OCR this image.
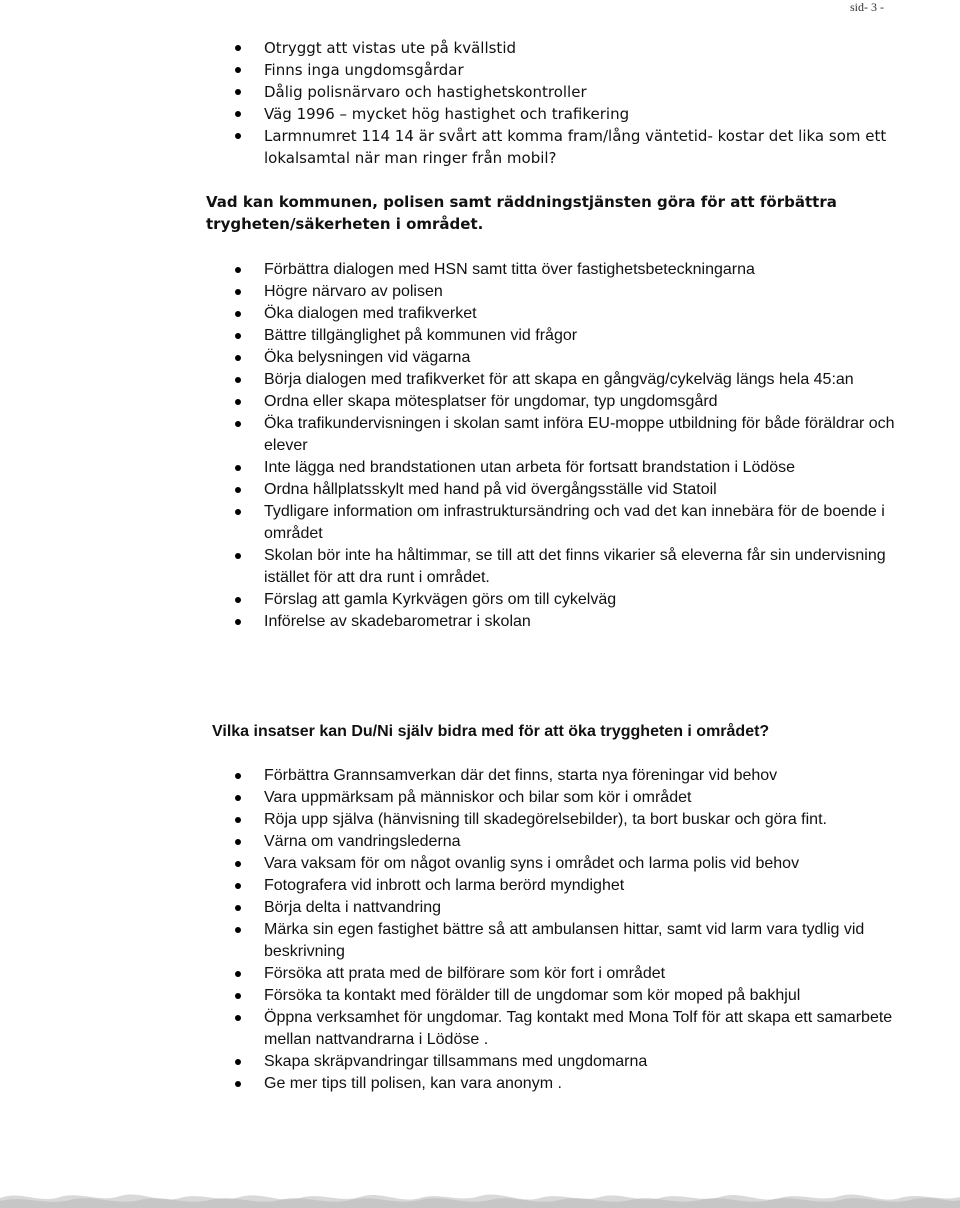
sid- 3 -
Otryggt att vistas ute på kvällstid
Finns inga ungdomsgårdar
Dålig polisnärvaro och hastighetskontroller
Väg 1996 – mycket hög hastighet och trafikering
Larmnumret 114 14 är svårt att komma fram/lång väntetid- kostar det lika som ett lokalsamtal när man ringer från mobil?
Vad kan kommunen, polisen samt räddningstjänsten göra för att förbättra trygheten/säkerheten i området.
Förbättra dialogen med HSN samt titta över fastighetsbeteckningarna
Högre närvaro av polisen
Öka dialogen med trafikverket
Bättre tillgänglighet på kommunen vid frågor
Öka belysningen vid vägarna
Börja dialogen med trafikverket för att skapa en gångväg/cykelväg längs hela 45:an
Ordna eller skapa mötesplatser för ungdomar, typ ungdomsgård
Öka trafikundervisningen i skolan samt införa EU-moppe utbildning för både föräldrar och elever
Inte lägga ned brandstationen utan arbeta för fortsatt brandstation i Lödöse
Ordna hållplatsskylt med hand på vid övergångsställe vid Statoil
Tydligare information om infrastruktursändring och vad det kan innebära för de boende i området
Skolan bör inte ha håltimmar, se till att det finns vikarier så eleverna får sin undervisning istället för att dra runt i området.
Förslag att gamla Kyrkvägen görs om till cykelväg
Införelse av skadebarometrar i skolan
Vilka insatser kan Du/Ni själv bidra med för att öka tryggheten i området?
Förbättra Grannsamverkan där det finns, starta nya föreningar vid behov
Vara uppmärksam på människor och bilar som kör i området
Röja upp själva (hänvisning till skadegörelsebilder), ta bort buskar och göra fint.
Värna om vandringslederna
Vara vaksam för om något ovanlig syns i området och larma polis vid behov
Fotografera vid inbrott och larma berörd myndighet
Börja delta i nattvandring
Märka sin egen fastighet bättre så att ambulansen hittar, samt vid larm vara tydlig vid beskrivning
Försöka att prata med de bilförare som kör fort i området
Försöka ta kontakt med förälder till de ungdomar som kör moped på bakhjul
Öppna verksamhet för ungdomar. Tag kontakt med Mona Tolf för att skapa ett samarbete mellan nattvandrarna i Lödöse .
Skapa skräpvandringar tillsammans med ungdomarna
Ge mer tips till polisen, kan vara anonym .
